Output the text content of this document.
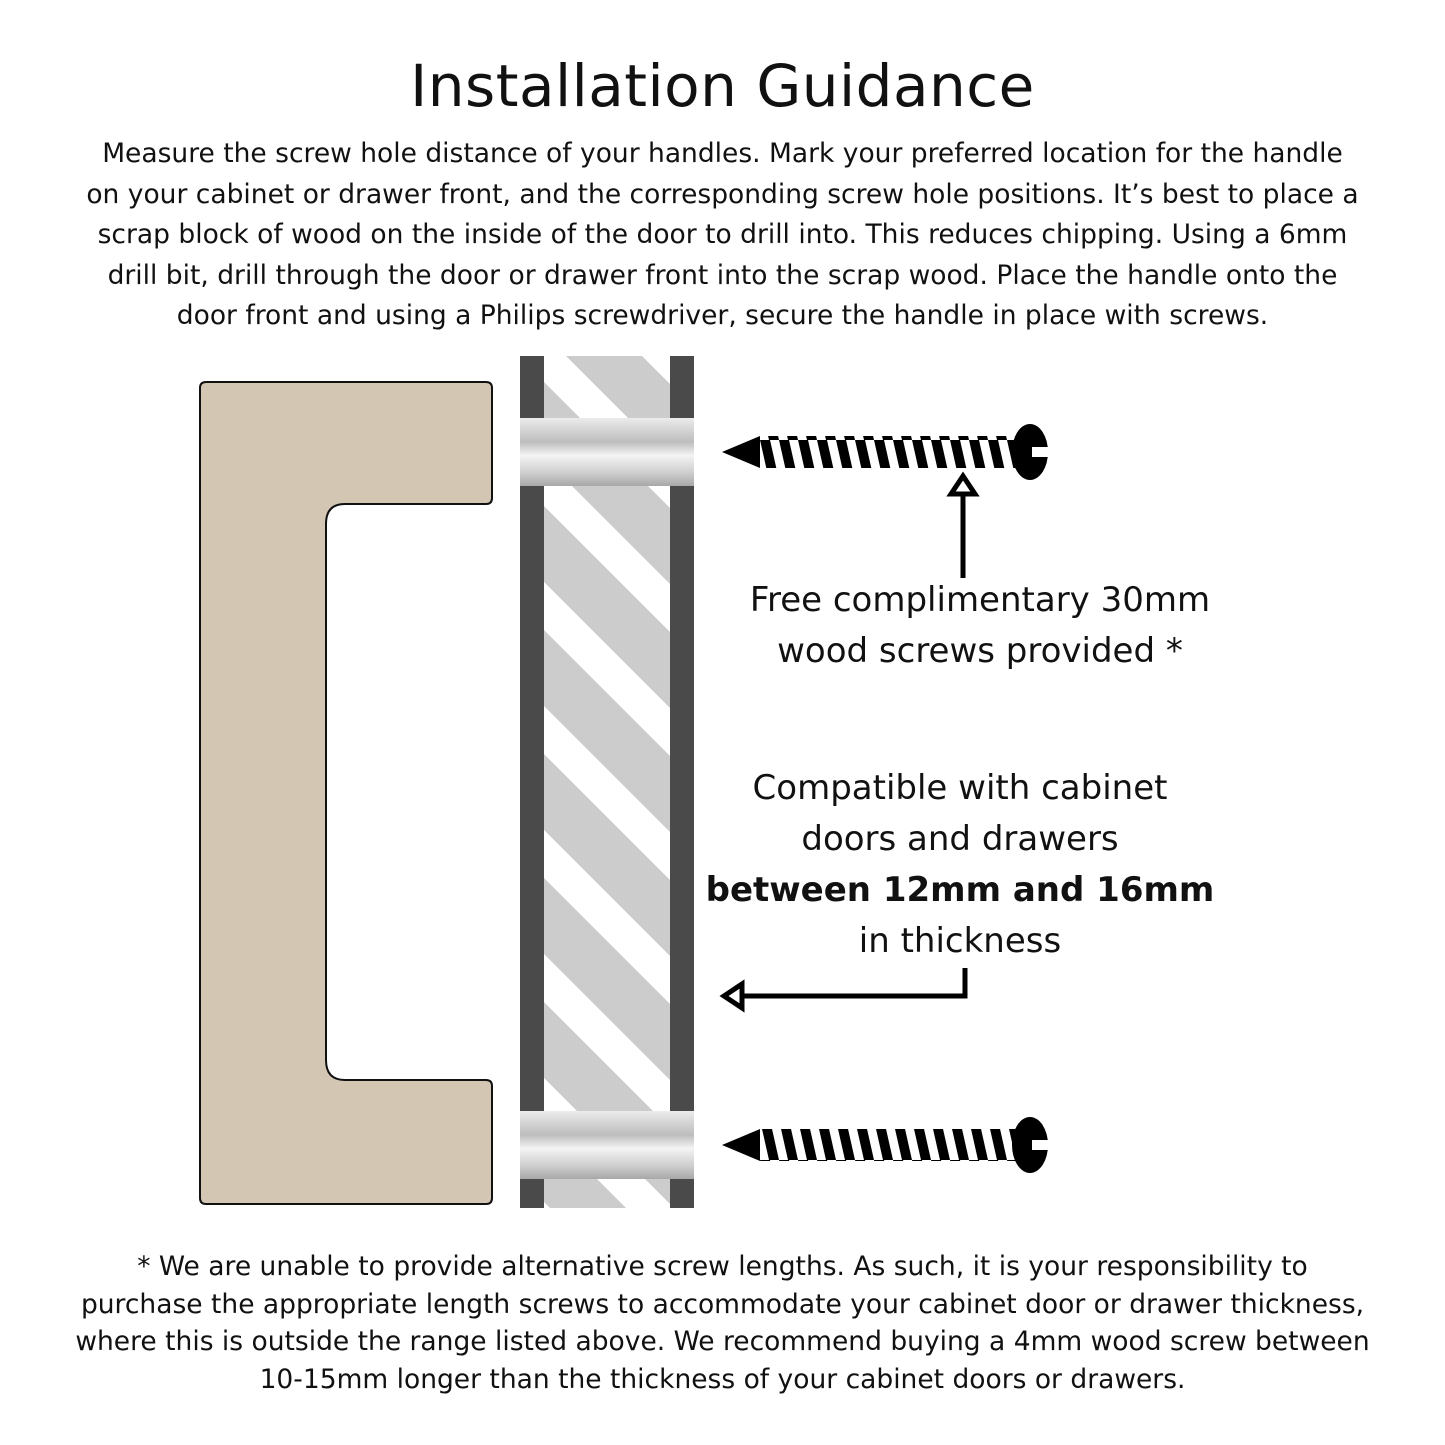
Installation Guidance

Measure the screw hole distance of your handles. Mark your preferred location for the handle
on your cabinet or drawer front, and the corresponding screw hole positions. It’s best to place a
scrap block of wood on the inside of the door to drill into. This reduces chipping. Using a 6mm
drill bit, drill through the door or drawer front into the scrap wood. Place the handle onto the
door front and using a Philips screwdriver, secure the handle in place with screws.

Free complimentary 30mm
wood screws provided *
Compatible with cabinet
doors and drawers
between 12mm and 16mm
in thickness

* We are unable to provide alternative screw lengths. As such, it is your responsibility to
purchase the appropriate length screws to accommodate your cabinet door or drawer thickness,
where this is outside the range listed above. We recommend buying a 4mm wood screw between
10-15mm longer than the thickness of your cabinet doors or drawers.
